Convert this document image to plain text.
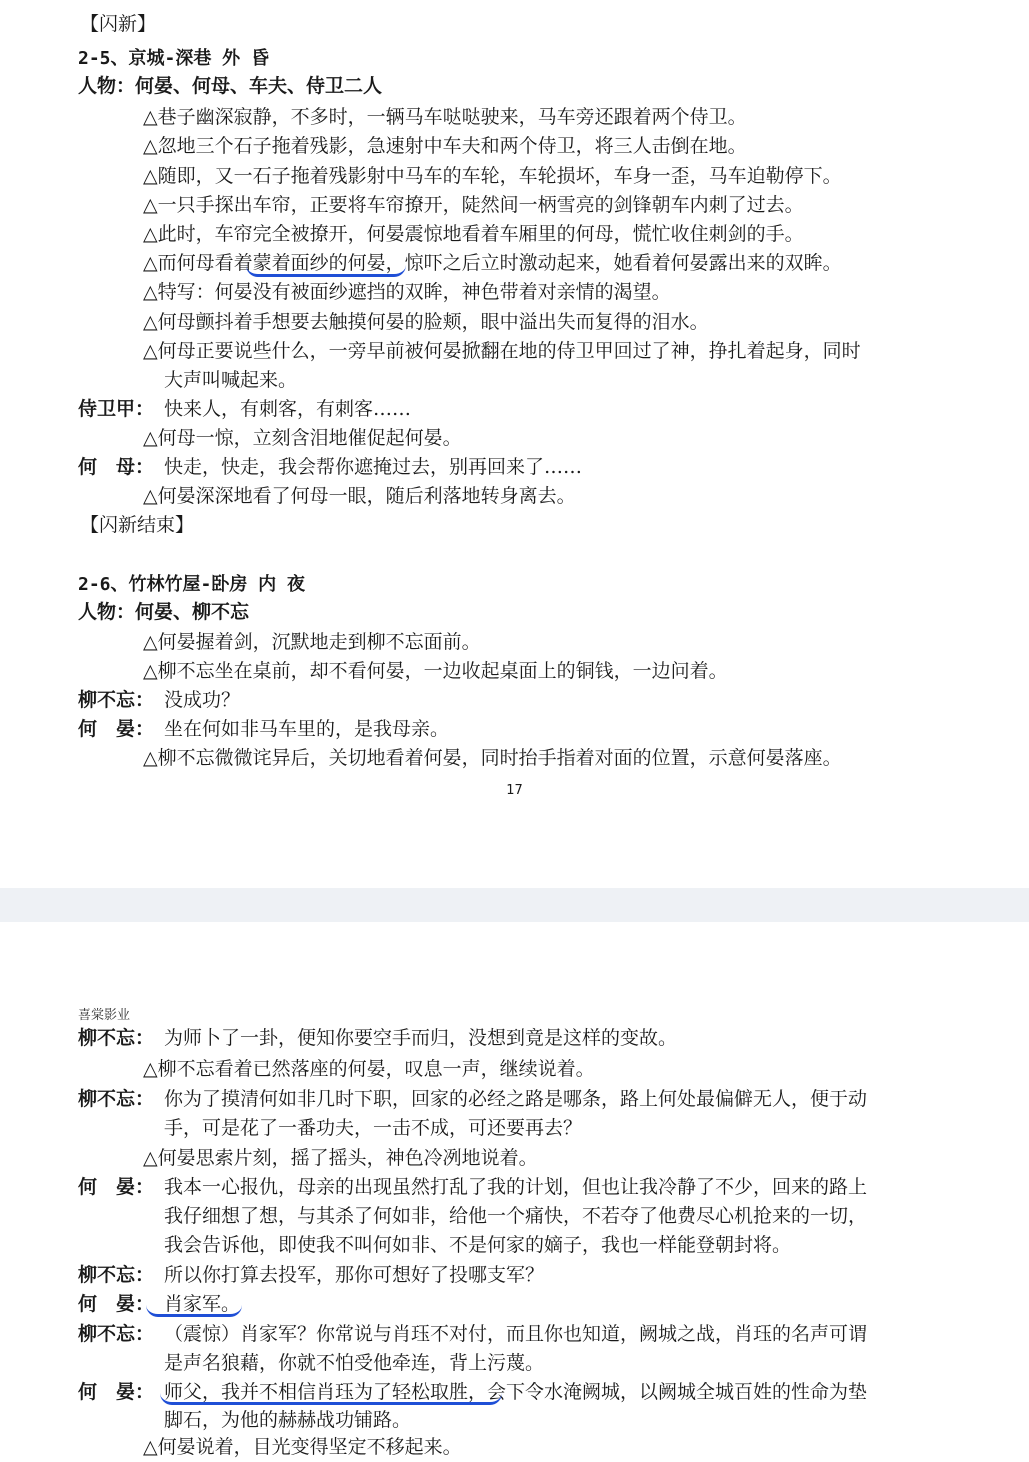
【闪新】
2-5、京城-深巷 外 昏
人物：何晏、何母、车夫、侍卫二人
△巷子幽深寂静，不多时，一辆马车哒哒驶来，马车旁还跟着两个侍卫。
△忽地三个石子拖着残影，急速射中车夫和两个侍卫，将三人击倒在地。
△随即，又一石子拖着残影射中马车的车轮，车轮损坏，车身一歪，马车迫勒停下。
△一只手探出车帘，正要将车帘撩开，陡然间一柄雪亮的剑锋朝车内刺了过去。
△此时，车帘完全被撩开，何晏震惊地看着车厢里的何母，慌忙收住刺剑的手。
△而何母看着蒙着面纱的何晏，惊吓之后立时激动起来，她看着何晏露出来的双眸。
△特写：何晏没有被面纱遮挡的双眸，神色带着对亲情的渴望。
△何母颤抖着手想要去触摸何晏的脸颊，眼中溢出失而复得的泪水。
△何母正要说些什么，一旁早前被何晏掀翻在地的侍卫甲回过了神，挣扎着起身，同时
大声叫喊起来。
侍卫甲： 快来人，有刺客，有刺客……
△何母一惊，立刻含泪地催促起何晏。
何　母： 快走，快走，我会帮你遮掩过去，别再回来了……
△何晏深深地看了何母一眼，随后利落地转身离去。
【闪新结束】
2-6、竹林竹屋-卧房 内 夜
人物：何晏、柳不忘
△何晏握着剑，沉默地走到柳不忘面前。
△柳不忘坐在桌前，却不看何晏，一边收起桌面上的铜钱，一边问着。
柳不忘： 没成功？
何　晏： 坐在何如非马车里的，是我母亲。
△柳不忘微微诧异后，关切地看着何晏，同时抬手指着对面的位置，示意何晏落座。
17
喜棠影业
柳不忘： 为师卜了一卦，便知你要空手而归，没想到竟是这样的变故。
△柳不忘看着已然落座的何晏，叹息一声，继续说着。
柳不忘： 你为了摸清何如非几时下职，回家的必经之路是哪条，路上何处最偏僻无人，便于动
手，可是花了一番功夫，一击不成，可还要再去？
△何晏思索片刻，摇了摇头，神色冷冽地说着。
何　晏： 我本一心报仇，母亲的出现虽然打乱了我的计划，但也让我冷静了不少，回来的路上
我仔细想了想，与其杀了何如非，给他一个痛快，不若夺了他费尽心机抢来的一切，
我会告诉他，即使我不叫何如非、不是何家的嫡子，我也一样能登朝封将。
柳不忘： 所以你打算去投军，那你可想好了投哪支军？
何　晏： 肖家军。
柳不忘： （震惊）肖家军？你常说与肖珏不对付，而且你也知道，阙城之战，肖珏的名声可谓
是声名狼藉，你就不怕受他牵连，背上污蔑。
何　晏： 师父，我并不相信肖珏为了轻松取胜，会下令水淹阙城，以阙城全城百姓的性命为垫
脚石，为他的赫赫战功铺路。
△何晏说着，目光变得坚定不移起来。
